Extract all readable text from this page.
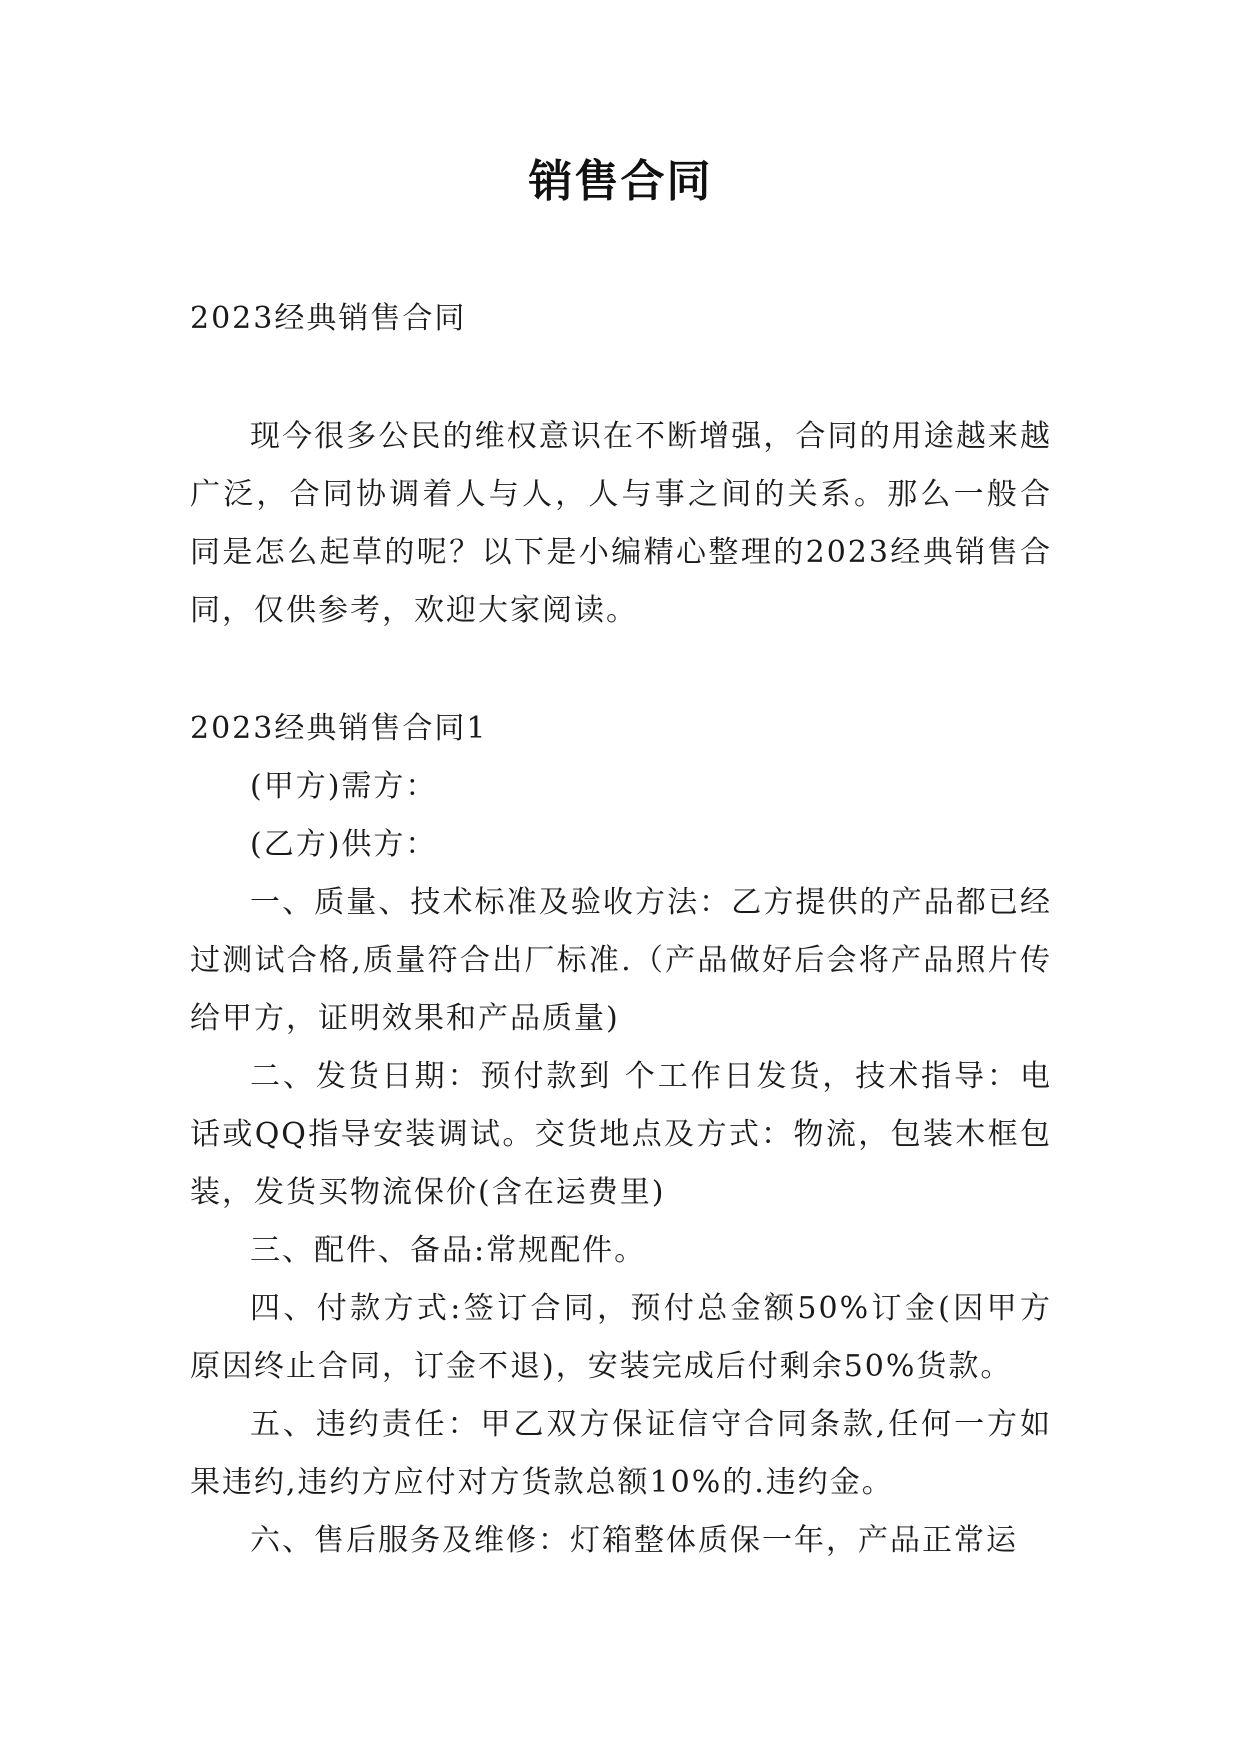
销售合同

2023经典销售合同

现今很多公民的维权意识在不断增强，合同的用途越来越广泛，合同协调着人与人，人与事之间的关系。那么一般合同是怎么起草的呢？以下是小编精心整理的2023经典销售合同，仅供参考，欢迎大家阅读。

2023经典销售合同1

(甲方)需方：

(乙方)供方：

一、质量、技术标准及验收方法：乙方提供的产品都已经过测试合格,质量符合出厂标准.（产品做好后会将产品照片传给甲方，证明效果和产品质量)

二、发货日期：预付款到 个工作日发货，技术指导：电话或QQ指导安装调试。交货地点及方式：物流，包装木框包装，发货买物流保价(含在运费里)

三、配件、备品:常规配件。

四、付款方式:签订合同，预付总金额50%订金(因甲方原因终止合同，订金不退)，安装完成后付剩余50%货款。

五、违约责任：甲乙双方保证信守合同条款,任何一方如果违约,违约方应付对方货款总额10%的.违约金。

六、售后服务及维修：灯箱整体质保一年，产品正常运
